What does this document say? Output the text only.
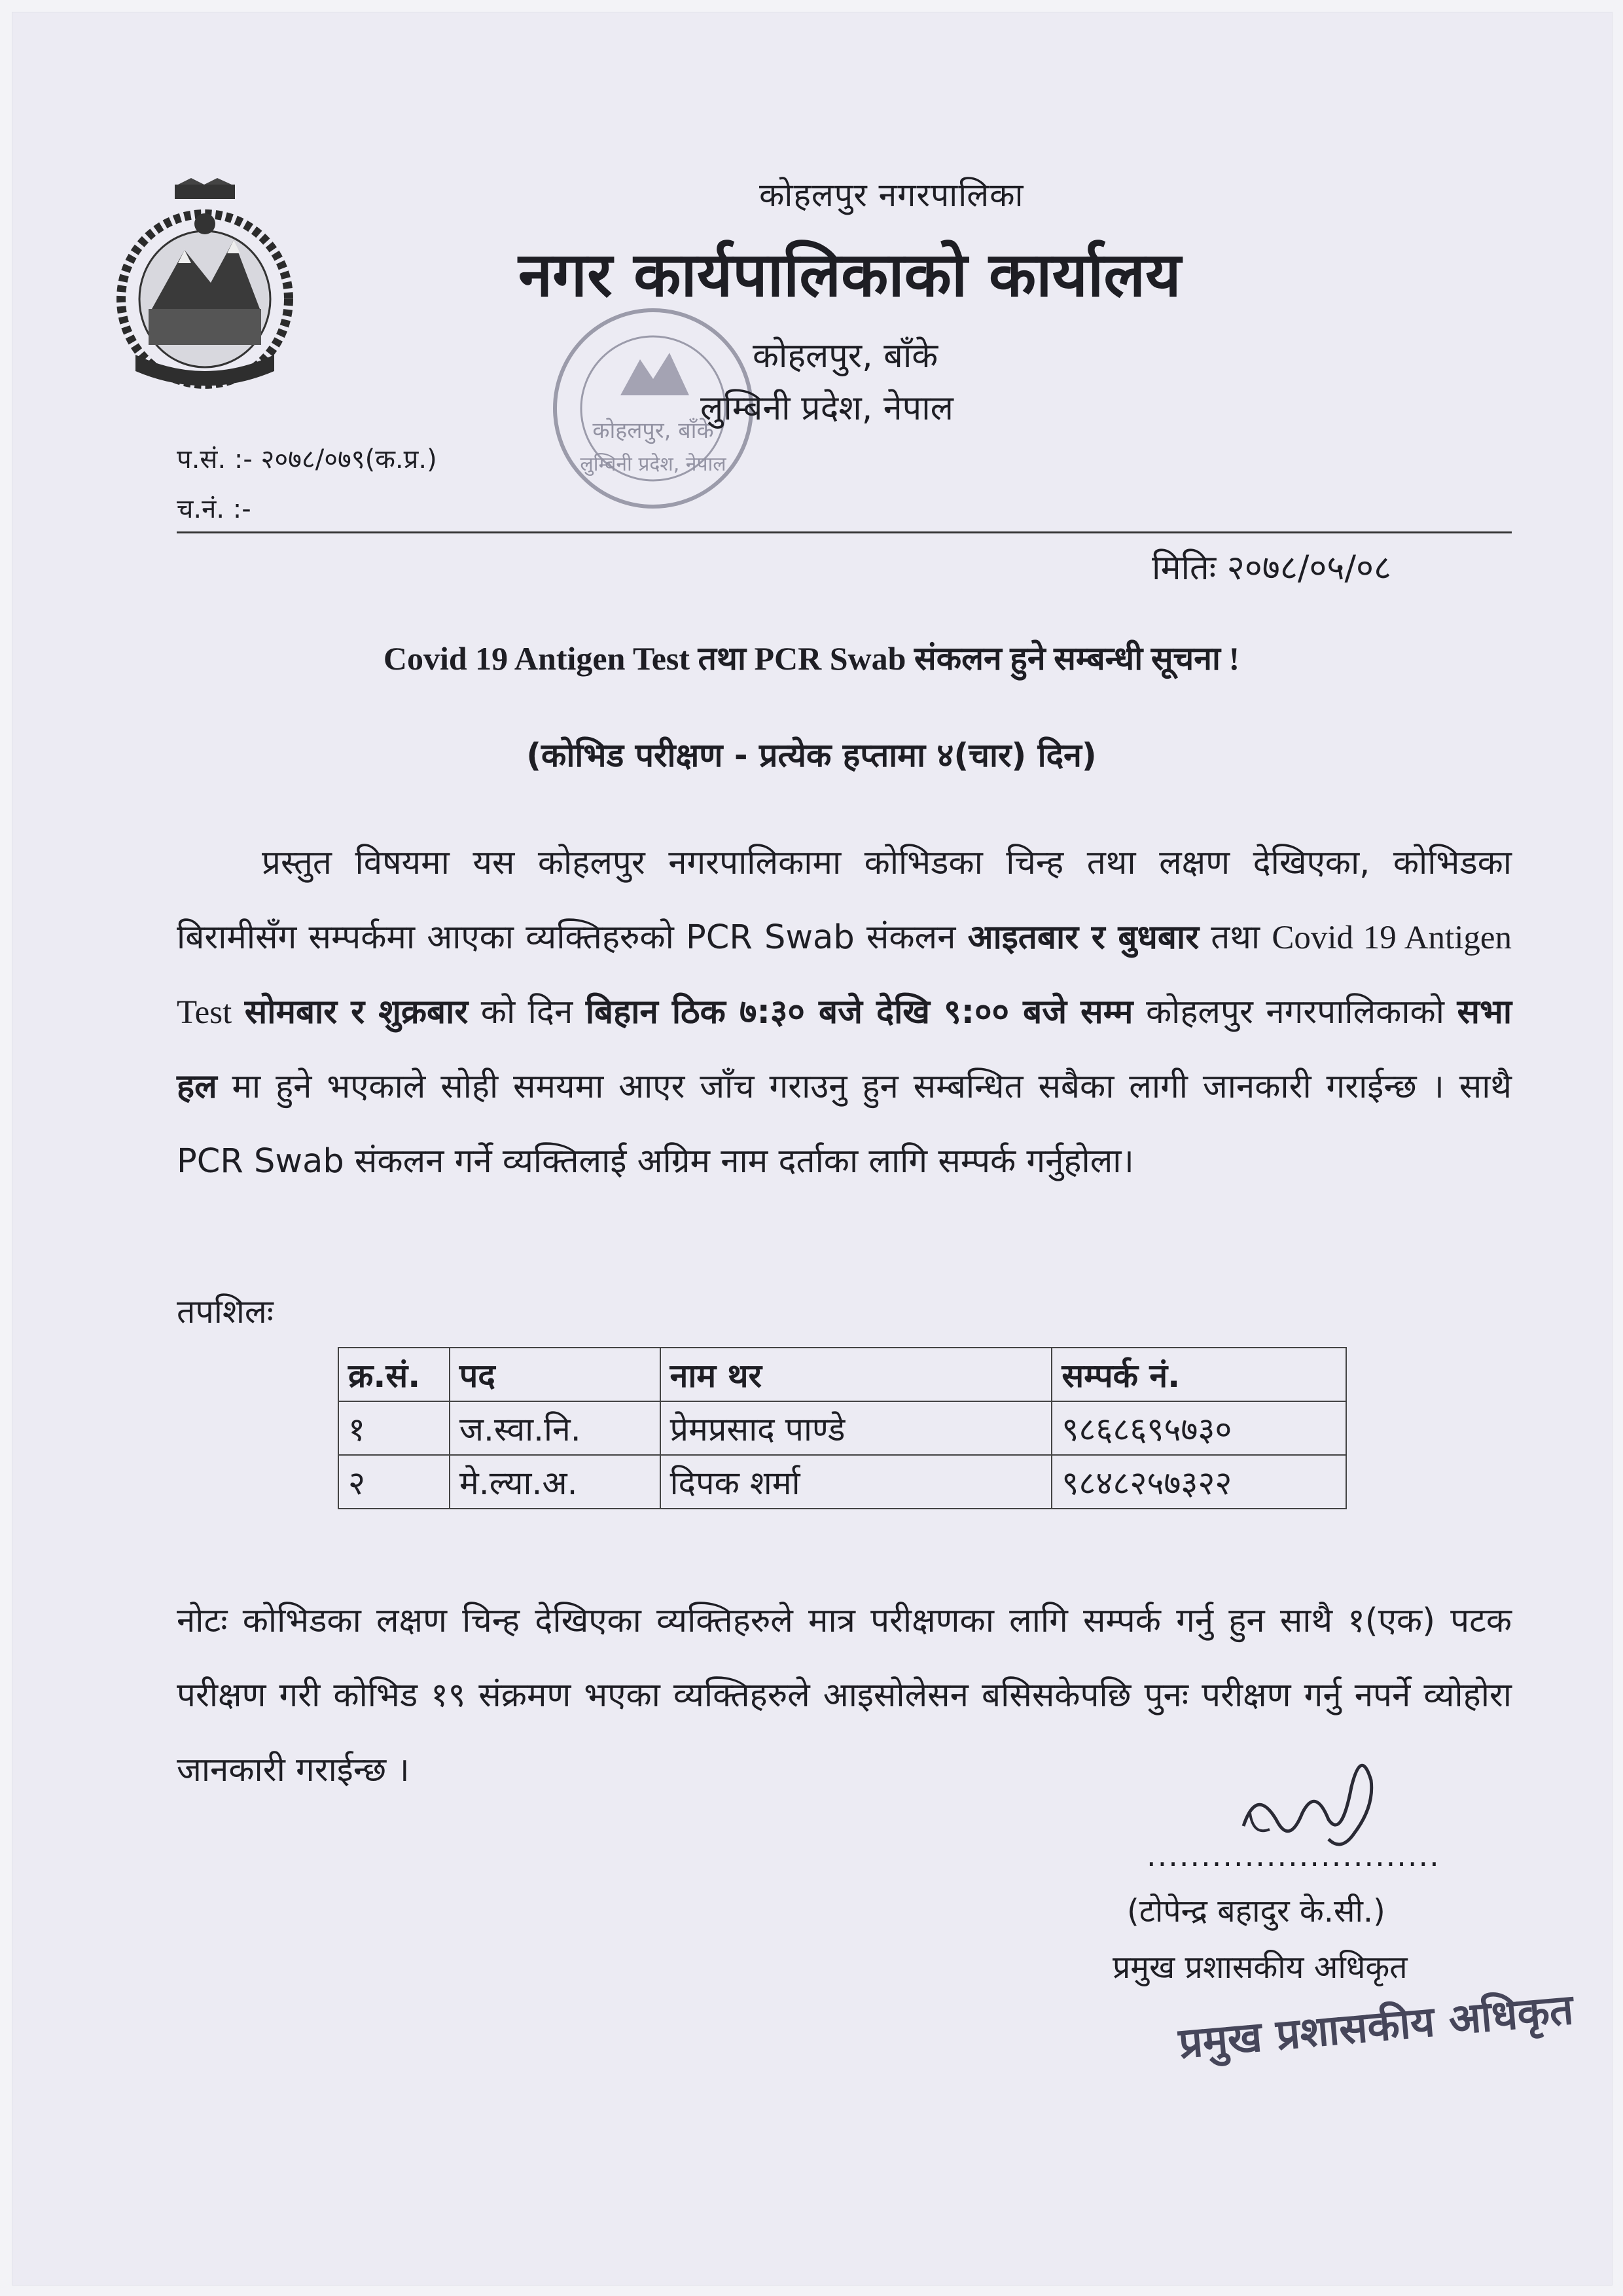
कोहलपुर, बाँके
लुम्बिनी प्रदेश, नेपाल
कोहलपुर नगरपालिका
नगर कार्यपालिकाको कार्यालय
कोहलपुर, बाँके
लुम्बिनी प्रदेश, नेपाल
प.सं. :- २०७८/०७९(क.प्र.)
च.नं. :-
मितिः २०७८/०५/०८
Covid 19 Antigen Test तथा PCR Swab संकलन हुने सम्बन्धी सूचना !
(कोभिड परीक्षण - प्रत्येक हप्तामा ४(चार) दिन)
प्रस्तुत विषयमा यस कोहलपुर नगरपालिकामा कोभिडका चिन्ह तथा लक्षण देखिएका, कोभिडका बिरामीसँग सम्पर्कमा आएका व्यक्तिहरुको PCR Swab संकलन आइतबार र बुधबार तथा Covid 19 Antigen Test सोमबार र शुक्रबार को दिन बिहान ठिक ७:३० बजे देखि ९:०० बजे सम्म कोहलपुर नगरपालिकाको सभा हल मा हुने भएकाले सोही समयमा आएर जाँच गराउनु हुन सम्बन्धित सबैका लागी जानकारी गराईन्छ । साथै PCR Swab संकलन गर्ने व्यक्तिलाई अग्रिम नाम दर्ताका लागि सम्पर्क गर्नुहोला।
तपशिलः
क्र.सं.	पद	नाम थर	सम्पर्क नं.
१	ज.स्वा.नि.	प्रेमप्रसाद पाण्डे	९८६८६९५७३०
२	मे.ल्या.अ.	दिपक शर्मा	९८४८२५७३२२
नोटः कोभिडका लक्षण चिन्ह देखिएका व्यक्तिहरुले मात्र परीक्षणका लागि सम्पर्क गर्नु हुन साथै १(एक) पटक परीक्षण गरी कोभिड १९ संक्रमण भएका व्यक्तिहरुले आइसोलेसन बसिसकेपछि पुनः परीक्षण गर्नु नपर्ने व्योहोरा जानकारी गराईन्छ ।
...........................
(टोपेन्द्र बहादुर के.सी.)
प्रमुख प्रशासकीय अधिकृत
प्रमुख प्रशासकीय अधिकृत
